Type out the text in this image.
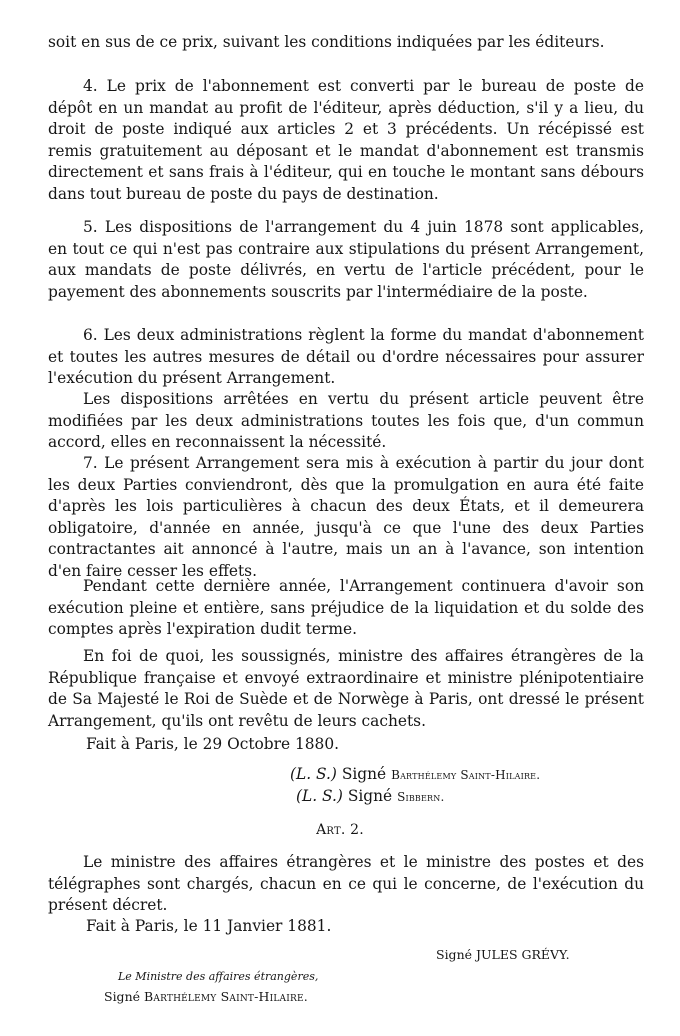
soit en sus de ce prix, suivant les conditions indiquées par les éditeurs.

4. Le prix de l'abonnement est converti par le bureau de poste de dépôt en un mandat au profit de l'éditeur, après déduction, s'il y a lieu, du droit de poste indiqué aux articles 2 et 3 précédents. Un récépissé est remis gratuitement au déposant et le mandat d'abonnement est transmis directement et sans frais à l'éditeur, qui en touche le montant sans débours dans tout bureau de poste du pays de destination.

5. Les dispositions de l'arrangement du 4 juin 1878 sont applicables, en tout ce qui n'est pas contraire aux stipulations du présent Arrangement, aux mandats de poste délivrés, en vertu de l'article précédent, pour le payement des abonnements souscrits par l'intermédiaire de la poste.

6. Les deux administrations règlent la forme du mandat d'abonnement et toutes les autres mesures de détail ou d'ordre nécessaires pour assurer l'exécution du présent Arrangement.

Les dispositions arrêtées en vertu du présent article peuvent être modifiées par les deux administrations toutes les fois que, d'un commun accord, elles en reconnaissent la nécessité.

7. Le présent Arrangement sera mis à exécution à partir du jour dont les deux Parties conviendront, dès que la promulgation en aura été faite d'après les lois particulières à chacun des deux États, et il demeurera obligatoire, d'année en année, jusqu'à ce que l'une des deux Parties contractantes ait annoncé à l'autre, mais un an à l'avance, son intention d'en faire cesser les effets.

Pendant cette dernière année, l'Arrangement continuera d'avoir son exécution pleine et entière, sans préjudice de la liquidation et du solde des comptes après l'expiration dudit terme.

En foi de quoi, les soussignés, ministre des affaires étrangères de la République française et envoyé extraordinaire et ministre plénipotentiaire de Sa Majesté le Roi de Suède et de Norwège à Paris, ont dressé le présent Arrangement, qu'ils ont revêtu de leurs cachets.

Fait à Paris, le 29 Octobre 1880.

(L. S.) Signé Barthélemy Saint-Hilaire.

(L. S.) Signé Sibbern.

Art. 2.

Le ministre des affaires étrangères et le ministre des postes et des télégraphes sont chargés, chacun en ce qui le concerne, de l'exécution du présent décret.

Fait à Paris, le 11 Janvier 1881.

Signé JULES GRÉVY.

Le Ministre des affaires étrangères,

Signé Barthélemy Saint-Hilaire.
